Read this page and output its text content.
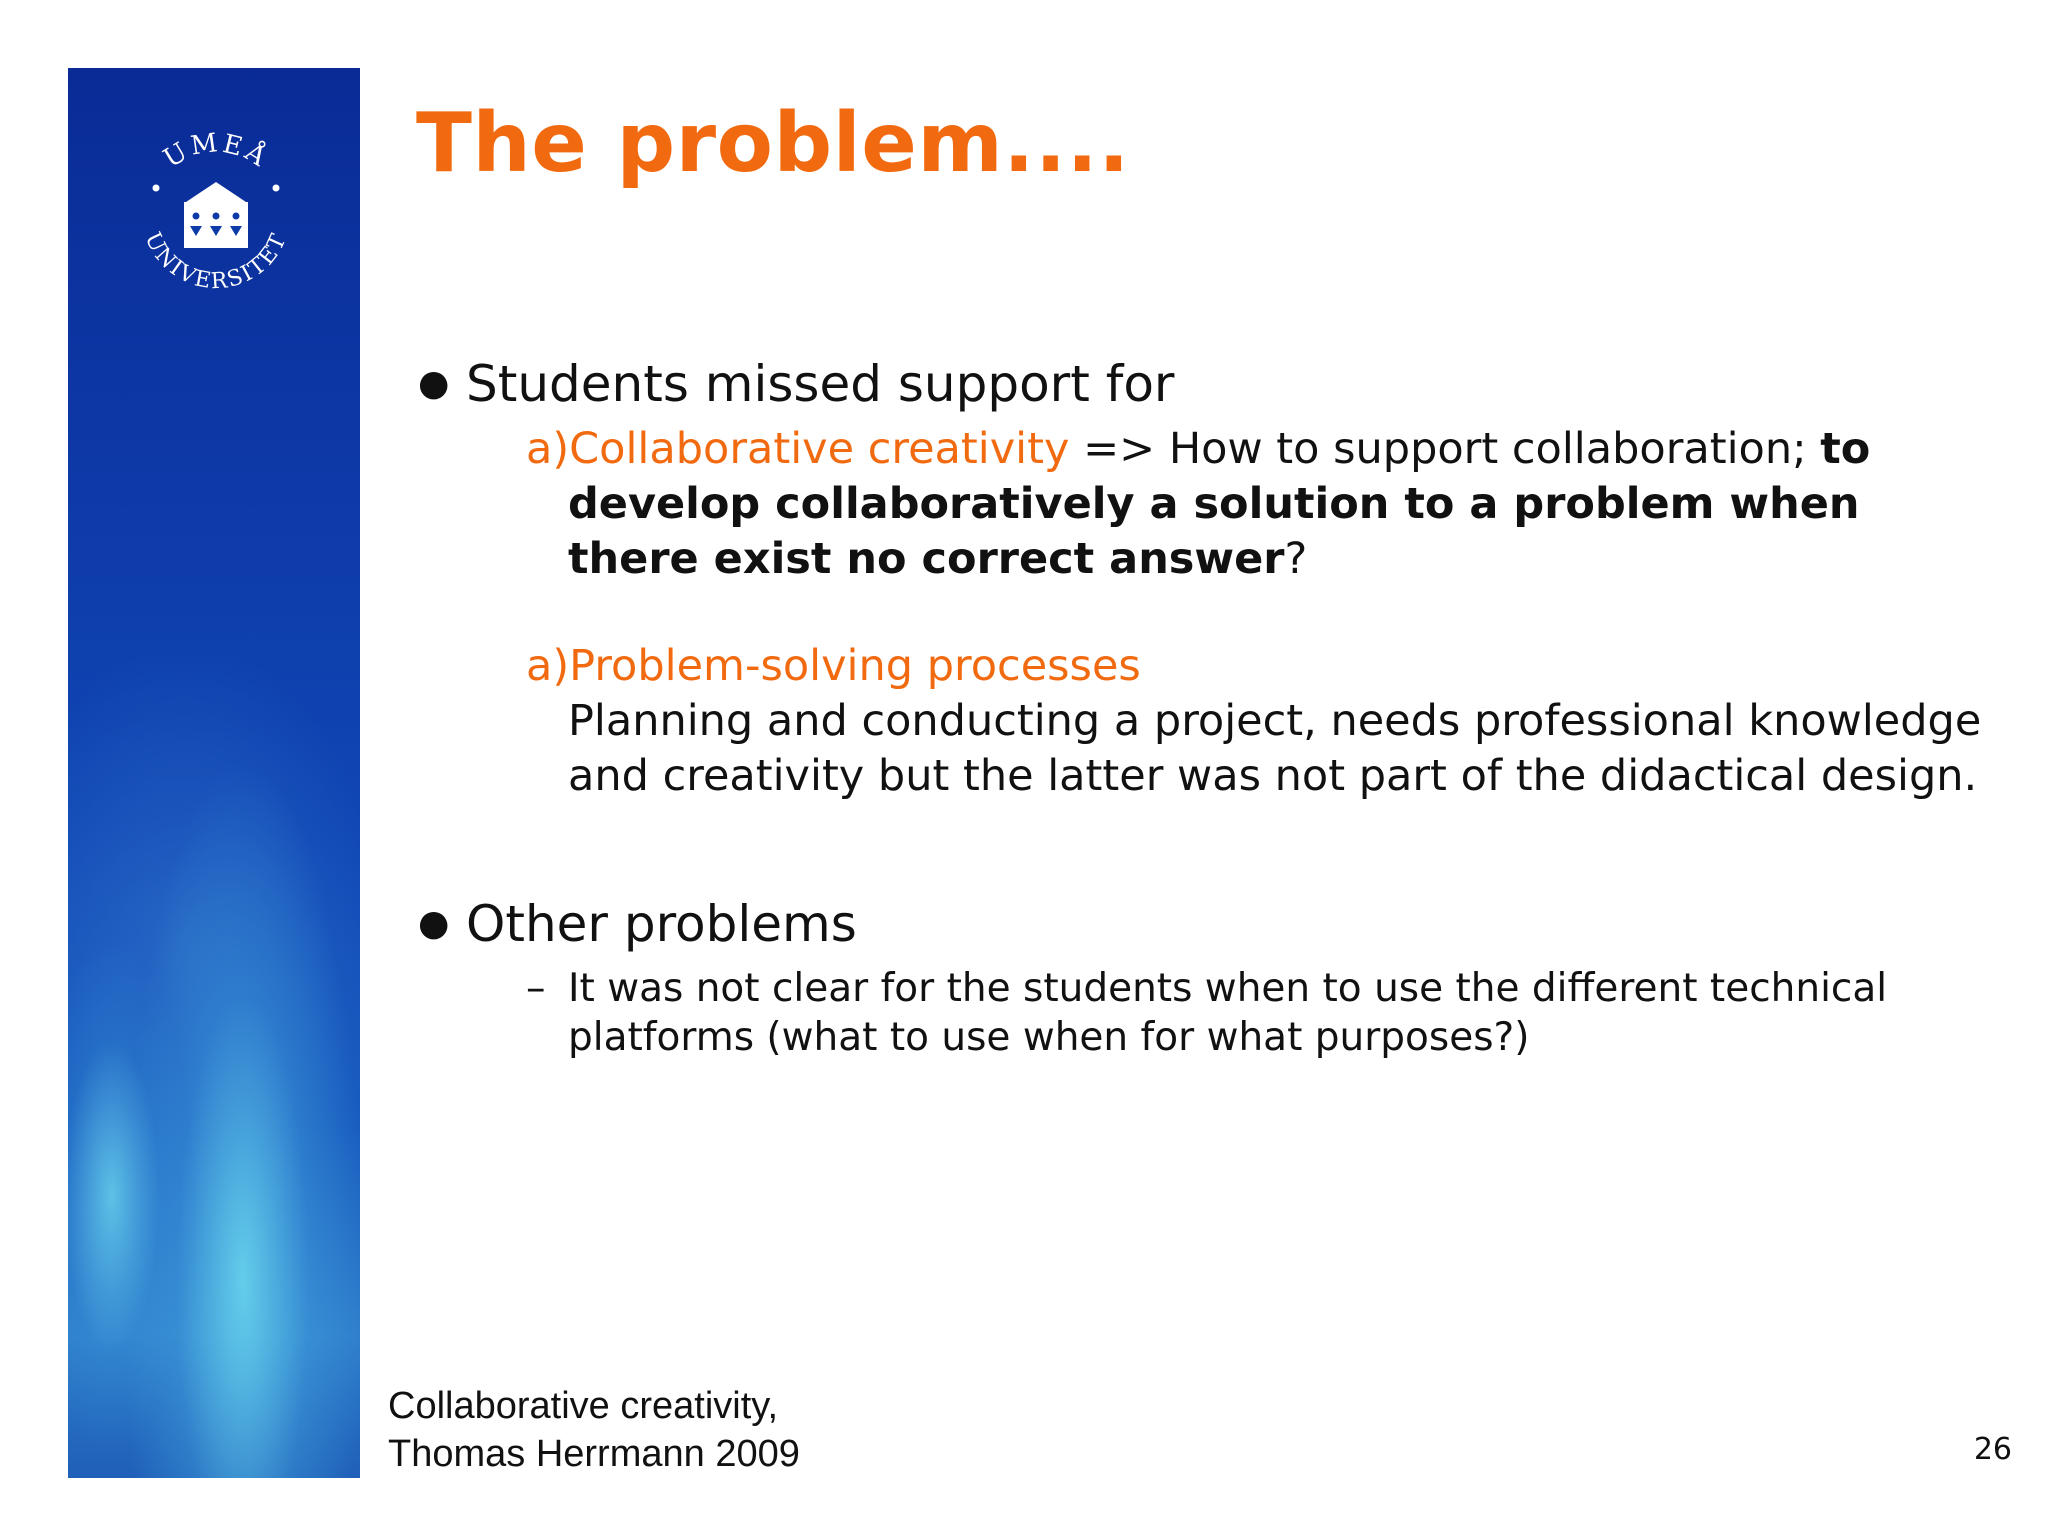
UMEÅ
UNIVERSITET
The problem....
● Students missed support for
a)Collaborative creativity => How to support collaboration; to develop collaboratively a solution to a problem when there exist no correct answer?
a)Problem-solving processes
Planning and conducting a project, needs professional knowledge and creativity but the latter was not part of the didactical design.
● Other problems
– It was not clear for the students when to use the different technical platforms (what to use when for what purposes?)
Collaborative creativity,
Thomas Herrmann 2009	26
